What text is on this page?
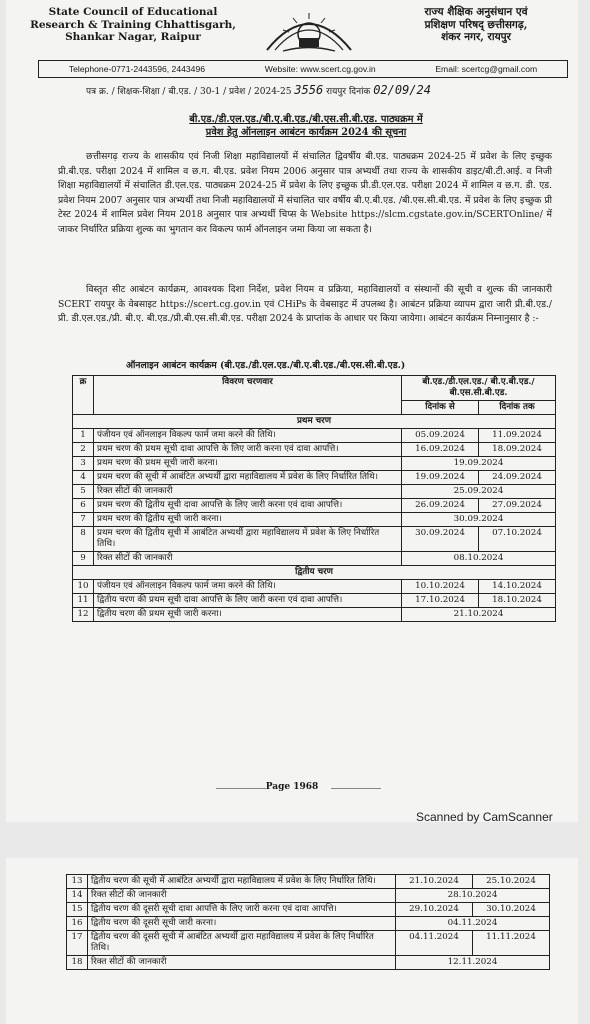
State Council of Educational
Research & Training Chhattisgarh,
Shankar Nagar, Raipur
राज्य शैक्षिक अनुसंधान एवं
प्रशिक्षण परिषद् छत्तीसगढ़,
शंकर नगर, रायपुर
Telephone-0771-2443596, 2443496	Website: www.scert.cg.gov.in	Email: scertcg@gmail.com
पत्र क्र. / शिक्षक-शिक्षा / बी.एड. / 30-1 / प्रवेश / 2024-25 3556 रायपुर दिनांक 02/09/24
बी.एड./डी.एल.एड./बी.ए.बी.एड./बी.एस.सी.बी.एड. पाठ्यक्रम में
प्रवेश हेतु ऑनलाइन आबंटन कार्यक्रम 2024 की सूचना
छत्तीसगढ़ राज्य के शासकीय एवं निजी शिक्षा महाविद्यालयों में संचालित द्विवर्षीय बी.एड. पाठ्यक्रम 2024-25 में प्रवेश के लिए इच्छुक प्री.बी.एड. परीक्षा 2024 में शामिल व छ.ग. बी.एड. प्रवेश नियम 2006 अनुसार पात्र अभ्यर्थी तथा राज्य के शासकीय डाइट/बी.टी.आई. व निजी शिक्षा महाविद्यालयों में संचालित डी.एल.एड. पाठ्यक्रम 2024-25 में प्रवेश के लिए इच्छुक प्री.डी.एल.एड. परीक्षा 2024 में शामिल व छ.ग. डी. एड. प्रवेश नियम 2007 अनुसार पात्र अभ्यर्थी तथा निजी महाविद्यालयों में संचालित चार वर्षीय बी.ए.बी.एड. /बी.एस.सी.बी.एड. में प्रवेश के लिए इच्छुक प्री टेस्ट 2024 में शामिल प्रवेश नियम 2018 अनुसार पात्र अभ्यर्थी चिप्स के Website https://slcm.cgstate.gov.in/SCERTOnline/ में जाकर निर्धारित प्रक्रिया शुल्क का भुगतान कर विकल्प फार्म ऑनलाइन जमा किया जा सकता है।
विस्तृत सीट आबंटन कार्यक्रम, आवश्यक दिशा निर्देश, प्रवेश नियम व प्रक्रिया, महाविद्यालयों व संस्थानों की सूची व शुल्क की जानकारी SCERT रायपुर के वेबसाइट https://scert.cg.gov.in एवं CHiPs के वेबसाइट में उपलब्ध है। आबंटन प्रक्रिया व्यापम द्वारा जारी प्री.बी.एड./प्री. डी.एल.एड./प्री. बी.ए. बी.एड./प्री.बी.एस.सी.बी.एड. परीक्षा 2024 के प्राप्तांक के आधार पर किया जायेगा। आबंटन कार्यक्रम निम्नानुसार है :-
ऑनलाइन आबंटन कार्यक्रम (बी.एड./डी.एल.एड./बी.ए.बी.एड./बी.एस.सी.बी.एड.)
क्र	विवरण चरणवार	बी.एड./डी.एल.एड./ बी.ए.बी.एड./बी.एस.सी.बी.एड.	
		दिनांक से	दिनांक तक
प्रथम चरण			
1	पंजीयन एवं ऑनलाइन विकल्प फार्म जमा करने की तिथि।	05.09.2024	11.09.2024
2	प्रथम चरण की प्रथम सूची दावा आपत्ति के लिए जारी करना एवं दावा आपत्ति।	16.09.2024	18.09.2024
3	प्रथम चरण की प्रथम सूची जारी करना।	19.09.2024	
4	प्रथम चरण की सूची में आबंटित अभ्यर्थी द्वारा महाविद्यालय में प्रवेश के लिए निर्धारित तिथि।	19.09.2024	24.09.2024
5	रिक्त सीटों की जानकारी	25.09.2024	
6	प्रथम चरण की द्वितीय सूची दावा आपत्ति के लिए जारी करना एवं दावा आपत्ति।	26.09.2024	27.09.2024
7	प्रथम चरण की द्वितीय सूची जारी करना।	30.09.2024	
8	प्रथम चरण की द्वितीय सूची में आबंटित अभ्यर्थी द्वारा महाविद्यालय में प्रवेश के लिए निर्धारित तिथि।	30.09.2024	07.10.2024
9	रिक्त सीटों की जानकारी	08.10.2024	
द्वितीय चरण			
10	पंजीयन एवं ऑनलाइन विकल्प फार्म जमा करने की तिथि।	10.10.2024	14.10.2024
11	द्वितीय चरण की प्रथम सूची दावा आपत्ति के लिए जारी करना एवं दावा आपत्ति।	17.10.2024	18.10.2024
12	द्वितीय चरण की प्रथम सूची जारी करना।	21.10.2024	
Page 1968
Scanned by CamScanner
13	द्वितीय चरण की सूची में आबंटित अभ्यर्थी द्वारा महाविद्यालय में प्रवेश के लिए निर्धारित तिथि।	21.10.2024	25.10.2024
14	रिक्त सीटों की जानकारी	28.10.2024	
15	द्वितीय चरण की दूसरी सूची दावा आपत्ति के लिए जारी करना एवं दावा आपत्ति।	29.10.2024	30.10.2024
16	द्वितीय चरण की दूसरी सूची जारी करना।	04.11.2024	
17	द्वितीय चरण की दूसरी सूची में आबंटित अभ्यर्थी द्वारा महाविद्यालय में प्रवेश के लिए निर्धारित तिथि।	04.11.2024	11.11.2024
18	रिक्त सीटों की जानकारी	12.11.2024	
